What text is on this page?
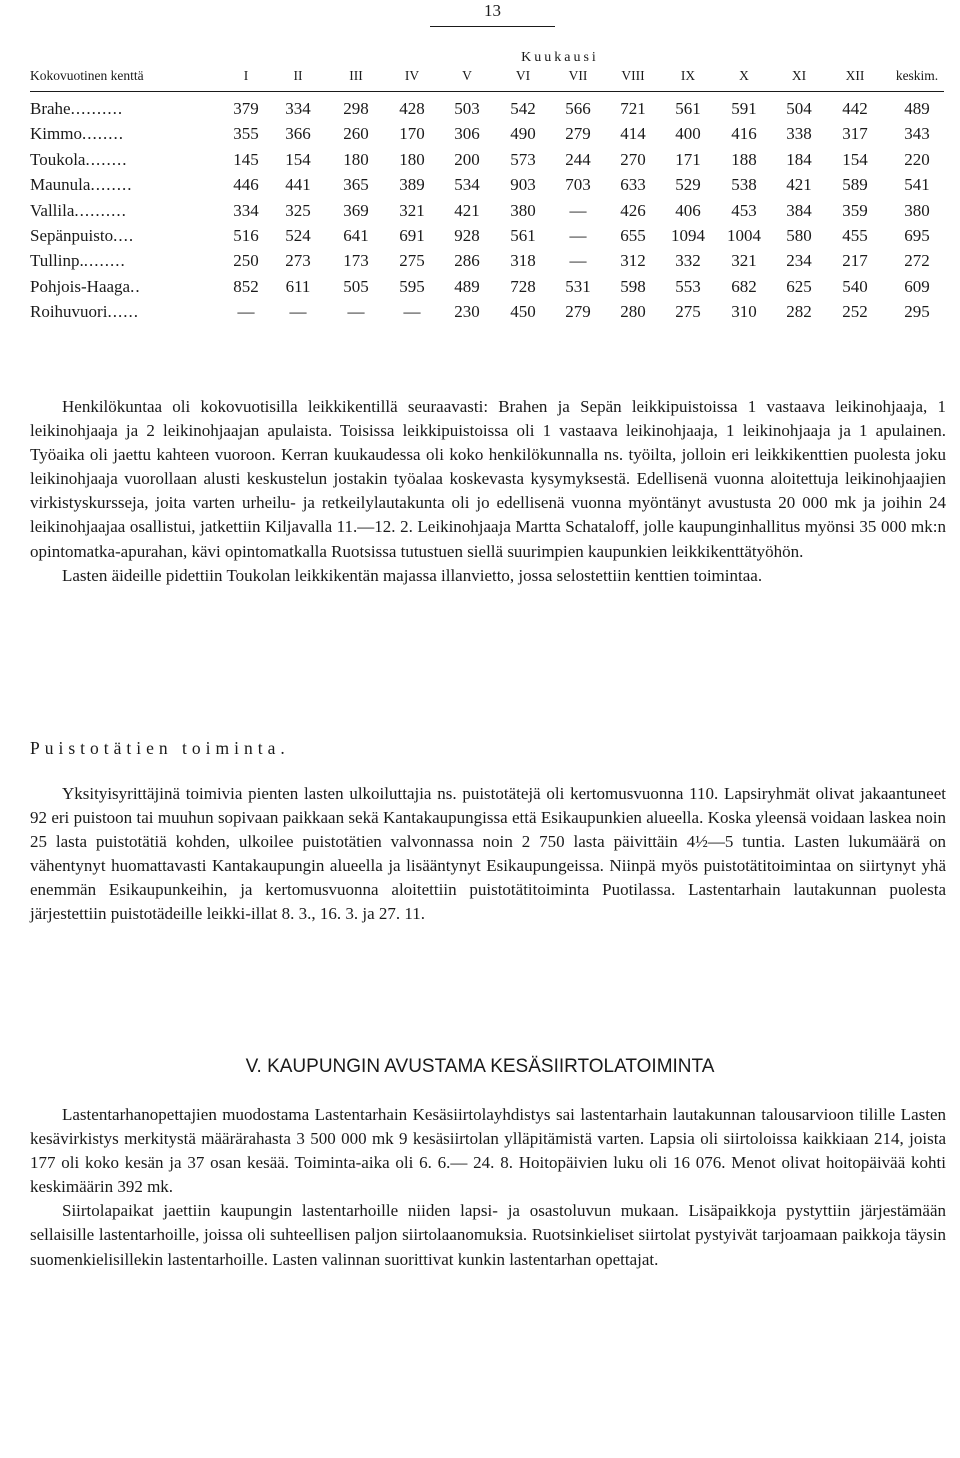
13
Kuukausi
Kokovuotinen kenttä	I	II	III	IV	V	VI	VII	VIII	IX	X	XI	XII	keskim.
Brahe..........	379	334	298	428	503	542	566	721	561	591	504	442	489
Kimmo........	355	366	260	170	306	490	279	414	400	416	338	317	343
Toukola........	145	154	180	180	200	573	244	270	171	188	184	154	220
Maunula........	446	441	365	389	534	903	703	633	529	538	421	589	541
Vallila..........	334	325	369	321	421	380	—	426	406	453	384	359	380
Sepänpuisto....	516	524	641	691	928	561	—	655	1094	1004	580	455	695
Tullinp.........	250	273	173	275	286	318	—	312	332	321	234	217	272
Pohjois-Haaga..	852	611	505	595	489	728	531	598	553	682	625	540	609
Roihuvuori......	—	—	—	—	230	450	279	280	275	310	282	252	295

Henkilökuntaa oli kokovuotisilla leikkikentillä seuraavasti: Brahen ja Sepän leikkipuistoissa 1 vastaava leikinohjaaja, 1 leikinohjaaja ja 2 leikinohjaajan apulaista. Toisissa leikkipuistoissa oli 1 vastaava leikinohjaaja, 1 leikinohjaaja ja 1 apulainen. Työaika oli jaettu kahteen vuoroon. Kerran kuukaudessa oli koko henkilökunnalla ns. työilta, jolloin eri leikkikenttien puolesta joku leikinohjaaja vuorollaan alusti keskustelun jostakin työalaa koskevasta kysymyksestä. Edellisenä vuonna aloitettuja leikinohjaajien virkistyskursseja, joita varten urheilu- ja retkeilylautakunta oli jo edellisenä vuonna myöntänyt avustusta 20 000 mk ja joihin 24 leikinohjaajaa osallistui, jatkettiin Kiljavalla 11.—12. 2. Leikinohjaaja Martta Schataloff, jolle kaupunginhallitus myönsi 35 000 mk:n opintomatka-apurahan, kävi opintomatkalla Ruotsissa tutustuen siellä suurimpien kaupunkien leikkikenttätyöhön.

Lasten äideille pidettiin Toukolan leikkikentän majassa illanvietto, jossa selostettiin kenttien toimintaa.

Puistotätien toiminta.

Yksityisyrittäjinä toimivia pienten lasten ulkoiluttajia ns. puistotätejä oli kertomusvuonna 110. Lapsiryhmät olivat jakaantuneet 92 eri puistoon tai muuhun sopivaan paikkaan sekä Kantakaupungissa että Esikaupunkien alueella. Koska yleensä voidaan laskea noin 25 lasta puistotätiä kohden, ulkoilee puistotätien valvonnassa noin 2 750 lasta päivittäin 4½—5 tuntia. Lasten lukumäärä on vähentynyt huomattavasti Kantakaupungin alueella ja lisääntynyt Esikaupungeissa. Niinpä myös puistotätitoimintaa on siirtynyt yhä enemmän Esikaupunkeihin, ja kertomusvuonna aloitettiin puistotätitoiminta Puotilassa. Lastentarhain lautakunnan puolesta järjestettiin puistotädeille leikki-illat 8. 3., 16. 3. ja 27. 11.

V. KAUPUNGIN AVUSTAMA KESÄSIIRTOLATOIMINTA

Lastentarhanopettajien muodostama Lastentarhain Kesäsiirtolayhdistys sai lastentarhain lautakunnan talousarvioon tilille Lasten kesävirkistys merkitystä määrärahasta 3 500 000 mk 9 kesäsiirtolan ylläpitämistä varten. Lapsia oli siirtoloissa kaikkiaan 214, joista 177 oli koko kesän ja 37 osan kesää. Toiminta-aika oli 6. 6.— 24. 8. Hoitopäivien luku oli 16 076. Menot olivat hoitopäivää kohti keskimäärin 392 mk.

Siirtolapaikat jaettiin kaupungin lastentarhoille niiden lapsi- ja osastoluvun mukaan. Lisäpaikkoja pystyttiin järjestämään sellaisille lastentarhoille, joissa oli suhteellisen paljon siirtolaanomuksia. Ruotsinkieliset siirtolat pystyivät tarjoamaan paikkoja täysin suomenkielisillekin lastentarhoille. Lasten valinnan suorittivat kunkin lastentarhan opettajat.
